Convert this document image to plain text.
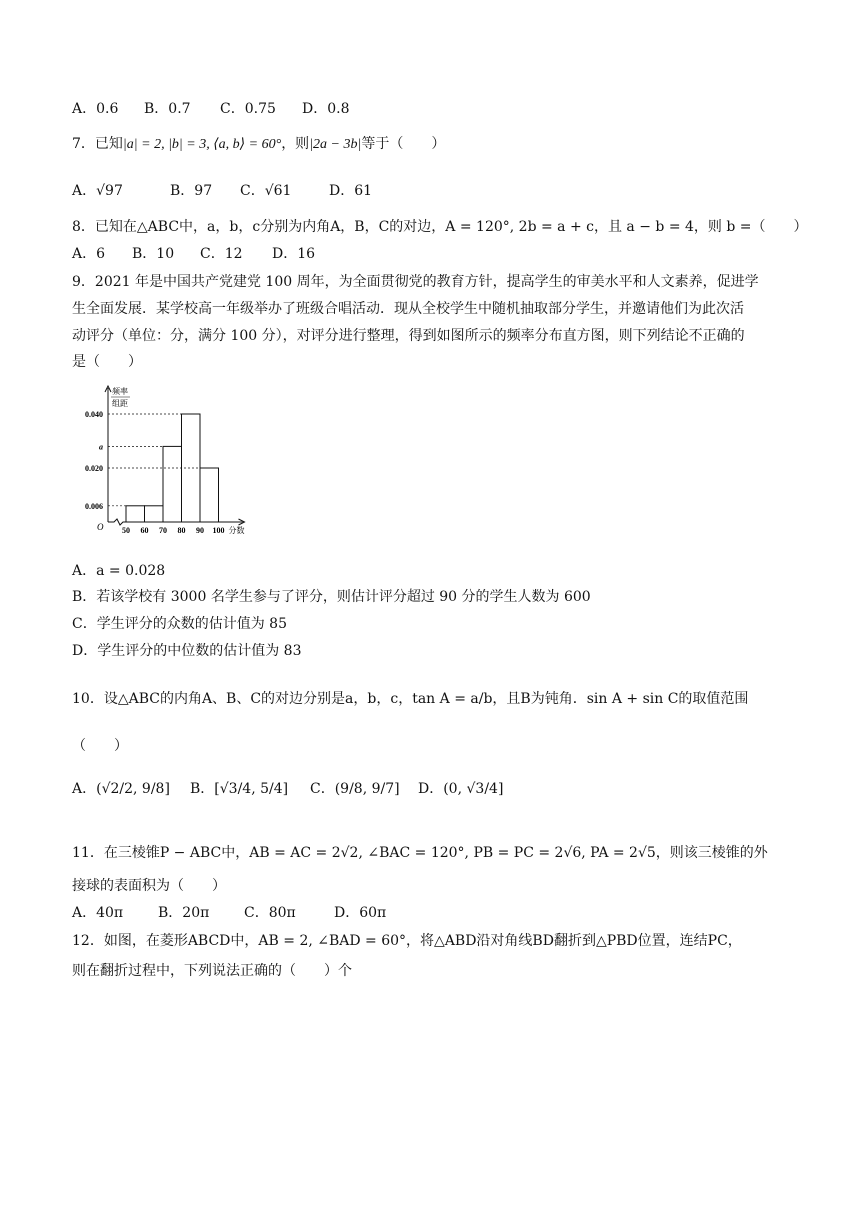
A．0.6 B．0.7 C．0.75 D．0.8
7．已知|a| = 2, |b| = 3, ⟨a, b⟩ = 60°，则|2a − 3b|等于（　　）
A．√97	B．97 C．√61	D．61
8．已知在△ABC中，a，b，c分别为内角A，B，C的对边，A = 120°, 2b = a + c，且 a − b = 4，则 b =（　　）
A．6 B．10 C．12 D．16
9．2021 年是中国共产党建党 100 周年，为全面贯彻党的教育方针，提高学生的审美水平和人文素养，促进学
生全面发展．某学校高一年级举办了班级合唱活动．现从全校学生中随机抽取部分学生，并邀请他们为此次活
动评分（单位：分，满分 100 分），对评分进行整理，得到如图所示的频率分布直方图，则下列结论不正确的
是（　　）
频率
组距
O
0.006
0.020
a
0.040
50 60 70 80 90 100 分数
A．a = 0.028
B．若该学校有 3000 名学生参与了评分，则估计评分超过 90 分的学生人数为 600
C．学生评分的众数的估计值为 85
D．学生评分的中位数的估计值为 83
10．设△ABC的内角A、B、C的对边分别是a，b，c，tan A = a/b，且B为钝角．sin A + sin C的取值范围
（　　）
A．(√2/2, 9/8] B．[√3/4, 5/4] C．(9/8, 9/7] D．(0, √3/4]
11．在三棱锥P − ABC中，AB = AC = 2√2, ∠BAC = 120°, PB = PC = 2√6, PA = 2√5，则该三棱锥的外
接球的表面积为（　　）
A．40π B．20π C．80π	D．60π
12．如图，在菱形ABCD中，AB = 2, ∠BAD = 60°，将△ABD沿对角线BD翻折到△PBD位置，连结PC，
则在翻折过程中，下列说法正确的（　　）个
